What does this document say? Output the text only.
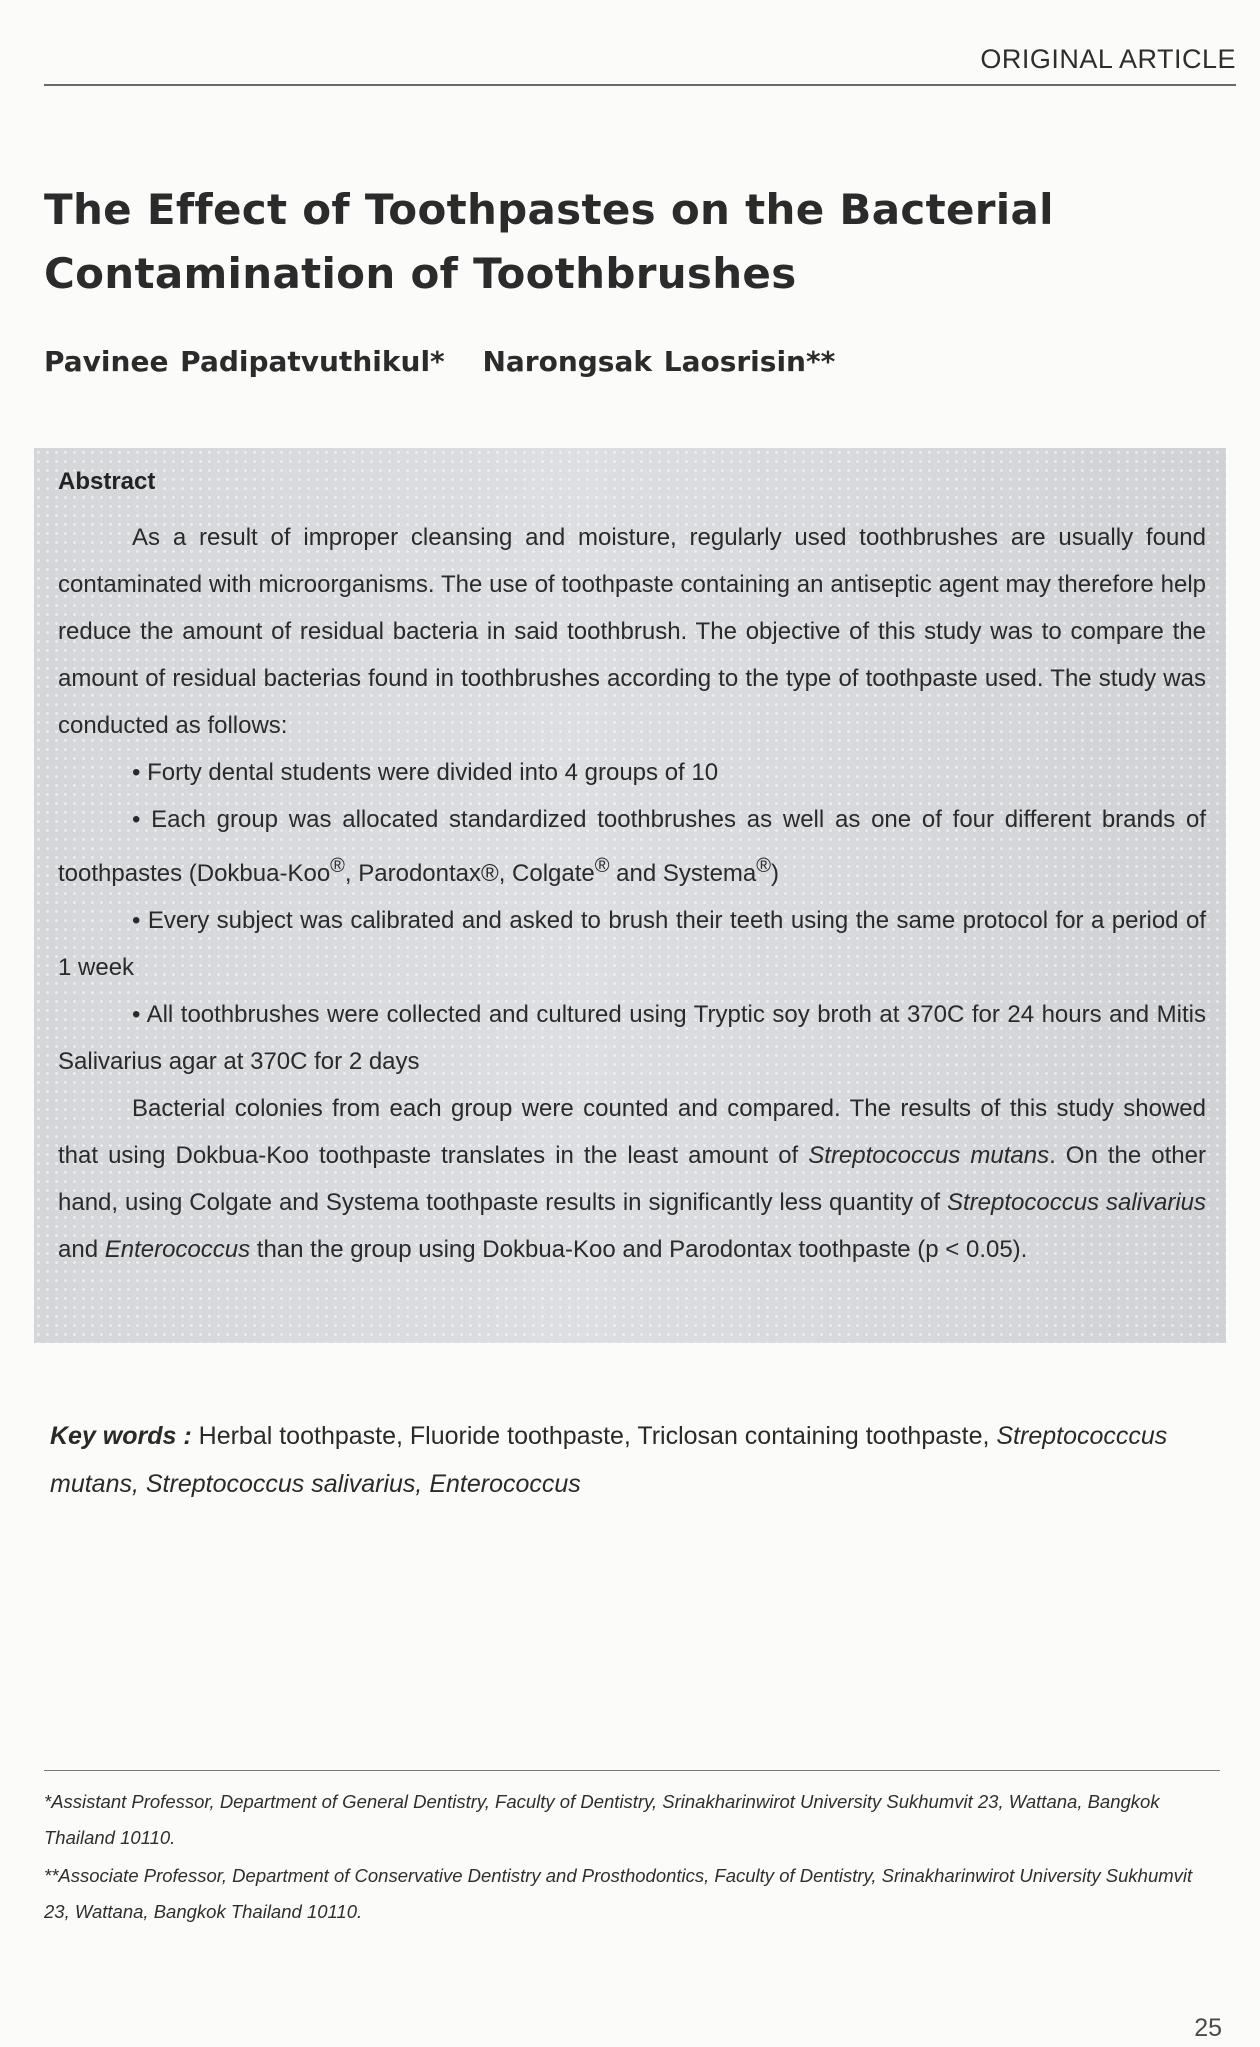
ORIGINAL ARTICLE
The Effect of Toothpastes on the Bacterial Contamination of Toothbrushes
Pavinee Padipatvuthikul* Narongsak Laosrisin**
Abstract

As a result of improper cleansing and moisture, regularly used toothbrushes are usually found contaminated with microorganisms. The use of toothpaste containing an antiseptic agent may therefore help reduce the amount of residual bacteria in said toothbrush. The objective of this study was to compare the amount of residual bacterias found in toothbrushes according to the type of toothpaste used. The study was conducted as follows:

• Forty dental students were divided into 4 groups of 10

• Each group was allocated standardized toothbrushes as well as one of four different brands of toothpastes (Dokbua-Koo®, Parodontax®, Colgate® and Systema®)

• Every subject was calibrated and asked to brush their teeth using the same protocol for a period of 1 week

• All toothbrushes were collected and cultured using Tryptic soy broth at 370C for 24 hours and Mitis Salivarius agar at 370C for 2 days

Bacterial colonies from each group were counted and compared. The results of this study showed that using Dokbua-Koo toothpaste translates in the least amount of Streptococcus mutans. On the other hand, using Colgate and Systema toothpaste results in significantly less quantity of Streptococcus salivarius and Enterococcus than the group using Dokbua-Koo and Parodontax toothpaste (p < 0.05).

Key words : Herbal toothpaste, Fluoride toothpaste, Triclosan containing toothpaste, Streptococccus mutans, Streptococcus salivarius, Enterococcus

*Assistant Professor, Department of General Dentistry, Faculty of Dentistry, Srinakharinwirot University Sukhumvit 23, Wattana, Bangkok Thailand 10110.

**Associate Professor, Department of Conservative Dentistry and Prosthodontics, Faculty of Dentistry, Srinakharinwirot University Sukhumvit 23, Wattana, Bangkok Thailand 10110.

25
